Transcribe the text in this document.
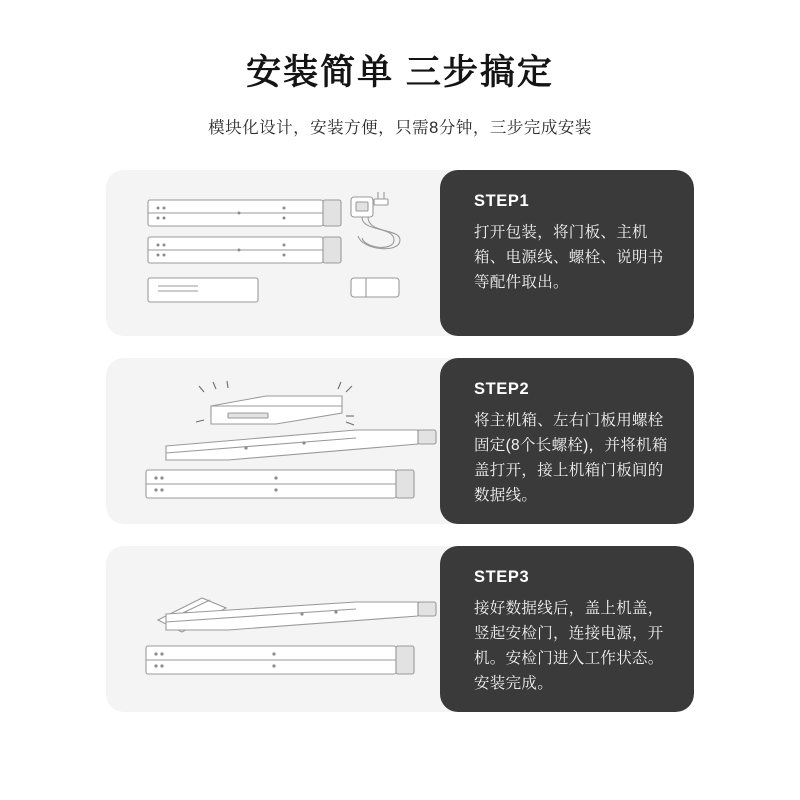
安装简单 三步搞定
模块化设计，安装方便，只需8分钟，三步完成安装
STEP1
打开包装，将门板、主机箱、电源线、螺栓、说明书等配件取出。
STEP2
将主机箱、左右门板用螺栓固定(8个长螺栓)，并将机箱盖打开，接上机箱门板间的数据线。
STEP3
接好数据线后，盖上机盖，竖起安检门，连接电源，开机。安检门进入工作状态。安装完成。
